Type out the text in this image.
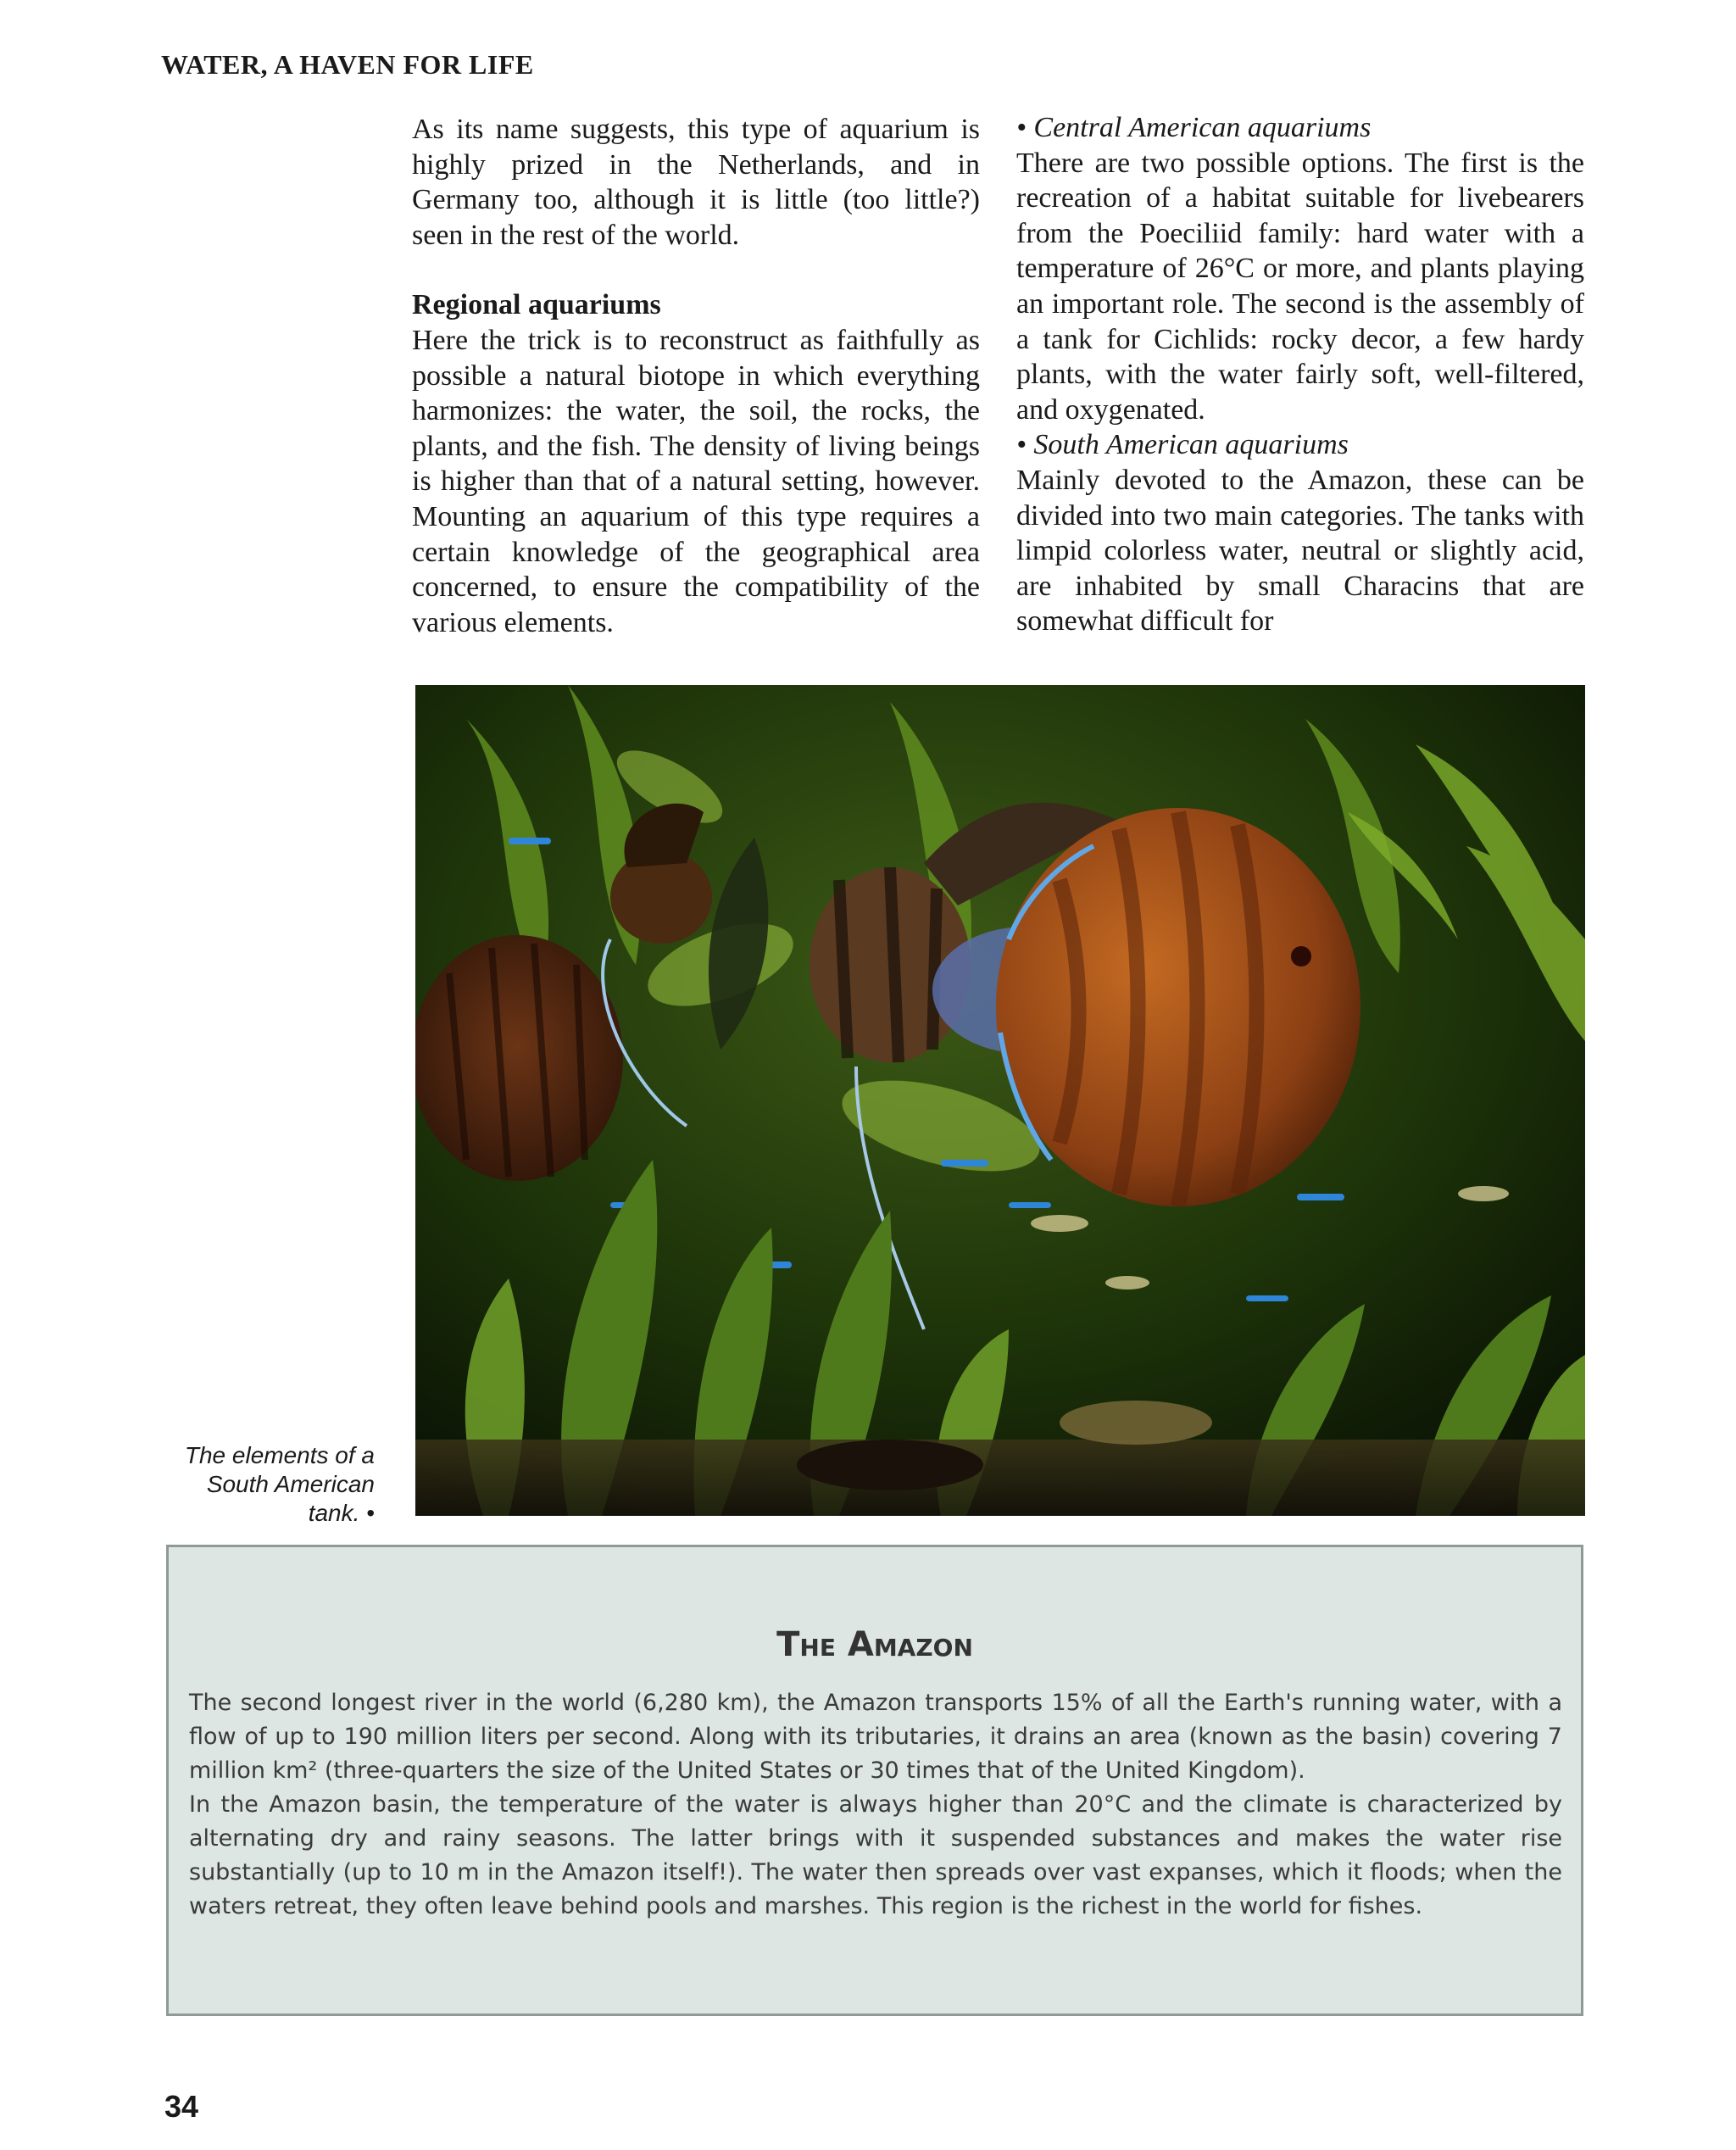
WATER, A HAVEN FOR LIFE

As its name suggests, this type of aquarium is highly prized in the Netherlands, and in Germany too, although it is little (too little?) seen in the rest of the world.

Regional aquariums

Here the trick is to reconstruct as faithfully as possible a natural biotope in which everything harmonizes: the water, the soil, the rocks, the plants, and the fish. The density of living beings is higher than that of a natural setting, however. Mounting an aquarium of this type requires a certain knowledge of the geographical area concerned, to ensure the compatibility of the various elements.

• Central American aquariums

There are two possible options. The first is the recreation of a habitat suitable for livebearers from the Poeciliid family: hard water with a temperature of 26°C or more, and plants playing an important role. The second is the assembly of a tank for Cichlids: rocky decor, a few hardy plants, with the water fairly soft, well-filtered, and oxygenated.

• South American aquariums

Mainly devoted to the Amazon, these can be divided into two main categories. The tanks with limpid colorless water, neutral or slightly acid, are inhabited by small Characins that are somewhat difficult for

The elements of a South American tank. •
The Amazon

The second longest river in the world (6,280 km), the Amazon transports 15% of all the Earth's running water, with a flow of up to 190 million liters per second. Along with its tributaries, it drains an area (known as the basin) covering 7 million km² (three-quarters the size of the United States or 30 times that of the United Kingdom).

In the Amazon basin, the temperature of the water is always higher than 20°C and the climate is characterized by alternating dry and rainy seasons. The latter brings with it suspended substances and makes the water rise substantially (up to 10 m in the Amazon itself!). The water then spreads over vast expanses, which it floods; when the waters retreat, they often leave behind pools and marshes. This region is the richest in the world for fishes.

34
